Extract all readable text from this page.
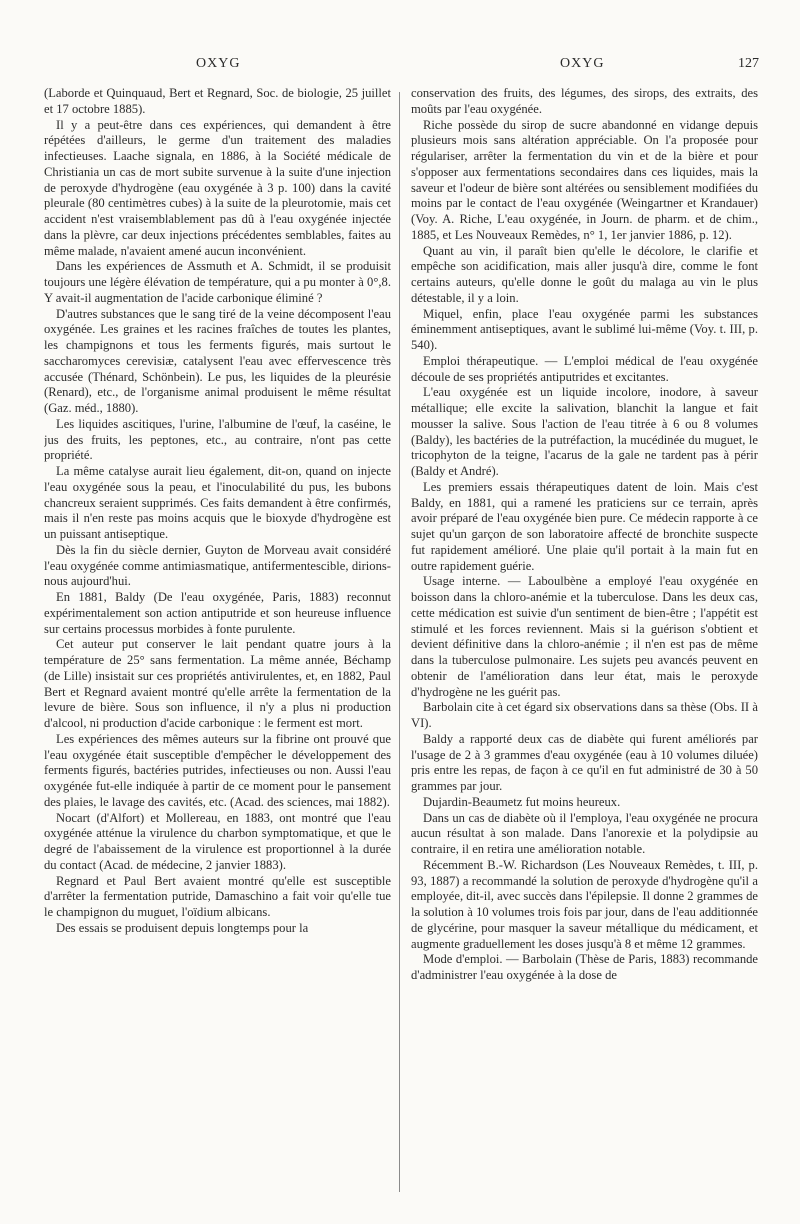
OXYG	OXYG	127

(Laborde et Quinquaud, Bert et Regnard, Soc. de biologie, 25 juillet et 17 octobre 1885).

Il y a peut-être dans ces expériences, qui demandent à être répétées d'ailleurs, le germe d'un traitement des maladies infectieuses. Laache signala, en 1886, à la Société médicale de Christiania un cas de mort subite survenue à la suite d'une injection de peroxyde d'hydrogène (eau oxygénée à 3 p. 100) dans la cavité pleurale (80 centimètres cubes) à la suite de la pleurotomie, mais cet accident n'est vraisemblablement pas dû à l'eau oxygénée injectée dans la plèvre, car deux injections précédentes semblables, faites au même malade, n'avaient amené aucun inconvénient.

Dans les expériences de Assmuth et A. Schmidt, il se produisit toujours une légère élévation de température, qui a pu monter à 0°,8. Y avait-il augmentation de l'acide carbonique éliminé ?

D'autres substances que le sang tiré de la veine décomposent l'eau oxygénée. Les graines et les racines fraîches de toutes les plantes, les champignons et tous les ferments figurés, mais surtout le saccharomyces cerevisiæ, catalysent l'eau avec effervescence très accusée (Thénard, Schönbein). Le pus, les liquides de la pleurésie (Renard), etc., de l'organisme animal produisent le même résultat (Gaz. méd., 1880).

Les liquides ascitiques, l'urine, l'albumine de l'œuf, la caséine, le jus des fruits, les peptones, etc., au contraire, n'ont pas cette propriété.

La même catalyse aurait lieu également, dit-on, quand on injecte l'eau oxygénée sous la peau, et l'inoculabilité du pus, les bubons chancreux seraient supprimés. Ces faits demandent à être confirmés, mais il n'en reste pas moins acquis que le bioxyde d'hydrogène est un puissant antiseptique.

Dès la fin du siècle dernier, Guyton de Morveau avait considéré l'eau oxygénée comme antimiasmatique, antifermentescible, dirions-nous aujourd'hui.

En 1881, Baldy (De l'eau oxygénée, Paris, 1883) reconnut expérimentalement son action antiputride et son heureuse influence sur certains processus morbides à fonte purulente.

Cet auteur put conserver le lait pendant quatre jours à la température de 25° sans fermentation. La même année, Béchamp (de Lille) insistait sur ces propriétés antivirulentes, et, en 1882, Paul Bert et Regnard avaient montré qu'elle arrête la fermentation de la levure de bière. Sous son influence, il n'y a plus ni production d'alcool, ni production d'acide carbonique : le ferment est mort.

Les expériences des mêmes auteurs sur la fibrine ont prouvé que l'eau oxygénée était susceptible d'empêcher le développement des ferments figurés, bactéries putrides, infectieuses ou non. Aussi l'eau oxygénée fut-elle indiquée à partir de ce moment pour le pansement des plaies, le lavage des cavités, etc. (Acad. des sciences, mai 1882).

Nocart (d'Alfort) et Mollereau, en 1883, ont montré que l'eau oxygénée atténue la virulence du charbon symptomatique, et que le degré de l'abaissement de la virulence est proportionnel à la durée du contact (Acad. de médecine, 2 janvier 1883).

Regnard et Paul Bert avaient montré qu'elle est susceptible d'arrêter la fermentation putride, Damaschino a fait voir qu'elle tue le champignon du muguet, l'oïdium albicans.

Des essais se produisent depuis longtemps pour la

conservation des fruits, des légumes, des sirops, des extraits, des moûts par l'eau oxygénée.

Riche possède du sirop de sucre abandonné en vidange depuis plusieurs mois sans altération appréciable. On l'a proposée pour régulariser, arrêter la fermentation du vin et de la bière et pour s'opposer aux fermentations secondaires dans ces liquides, mais la saveur et l'odeur de bière sont altérées ou sensiblement modifiées du moins par le contact de l'eau oxygénée (Weingartner et Krandauer) (Voy. A. Riche, L'eau oxygénée, in Journ. de pharm. et de chim., 1885, et Les Nouveaux Remèdes, n° 1, 1er janvier 1886, p. 12).

Quant au vin, il paraît bien qu'elle le décolore, le clarifie et empêche son acidification, mais aller jusqu'à dire, comme le font certains auteurs, qu'elle donne le goût du malaga au vin le plus détestable, il y a loin.

Miquel, enfin, place l'eau oxygénée parmi les substances éminemment antiseptiques, avant le sublimé lui-même (Voy. t. III, p. 540).

Emploi thérapeutique. — L'emploi médical de l'eau oxygénée découle de ses propriétés antiputrides et excitantes.

L'eau oxygénée est un liquide incolore, inodore, à saveur métallique; elle excite la salivation, blanchit la langue et fait mousser la salive. Sous l'action de l'eau titrée à 6 ou 8 volumes (Baldy), les bactéries de la putréfaction, la mucédinée du muguet, le tricophyton de la teigne, l'acarus de la gale ne tardent pas à périr (Baldy et André).

Les premiers essais thérapeutiques datent de loin. Mais c'est Baldy, en 1881, qui a ramené les praticiens sur ce terrain, après avoir préparé de l'eau oxygénée bien pure. Ce médecin rapporte à ce sujet qu'un garçon de son laboratoire affecté de bronchite suspecte fut rapidement amélioré. Une plaie qu'il portait à la main fut en outre rapidement guérie.

Usage interne. — Laboulbène a employé l'eau oxygénée en boisson dans la chloro-anémie et la tuberculose. Dans les deux cas, cette médication est suivie d'un sentiment de bien-être ; l'appétit est stimulé et les forces reviennent. Mais si la guérison s'obtient et devient définitive dans la chloro-anémie ; il n'en est pas de même dans la tuberculose pulmonaire. Les sujets peu avancés peuvent en obtenir de l'amélioration dans leur état, mais le peroxyde d'hydrogène ne les guérit pas.

Barbolain cite à cet égard six observations dans sa thèse (Obs. II à VI).

Baldy a rapporté deux cas de diabète qui furent améliorés par l'usage de 2 à 3 grammes d'eau oxygénée (eau à 10 volumes diluée) pris entre les repas, de façon à ce qu'il en fut administré de 30 à 50 grammes par jour.

Dujardin-Beaumetz fut moins heureux.

Dans un cas de diabète où il l'employa, l'eau oxygénée ne procura aucun résultat à son malade. Dans l'anorexie et la polydipsie au contraire, il en retira une amélioration notable.

Récemment B.-W. Richardson (Les Nouveaux Remèdes, t. III, p. 93, 1887) a recommandé la solution de peroxyde d'hydrogène qu'il a employée, dit-il, avec succès dans l'épilepsie. Il donne 2 grammes de la solution à 10 volumes trois fois par jour, dans de l'eau additionnée de glycérine, pour masquer la saveur métallique du médicament, et augmente graduellement les doses jusqu'à 8 et même 12 grammes.

Mode d'emploi. — Barbolain (Thèse de Paris, 1883) recommande d'administrer l'eau oxygénée à la dose de
